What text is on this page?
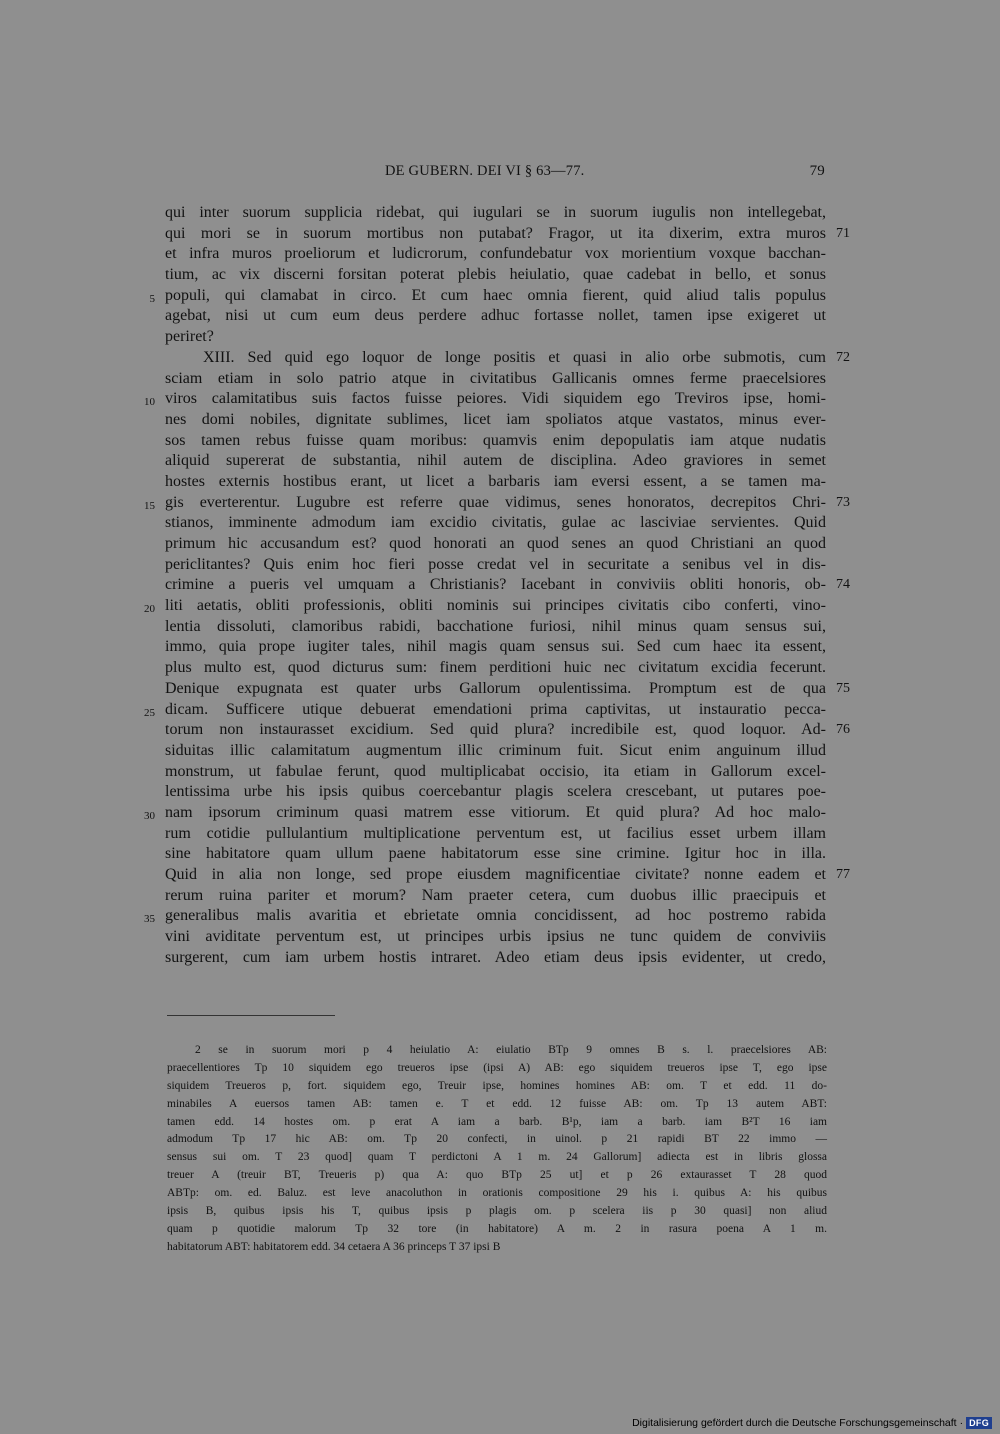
DE GUBERN. DEI VI § 63—77.	79
qui inter suorum supplicia ridebat, qui iugulari se in suorum iugulis non intellegebat,
qui mori se in suorum mortibus non putabat? Fragor, ut ita dixerim, extra muros 71
et infra muros proeliorum et ludicrorum, confundebatur vox morientium voxque bacchan-
tium, ac vix discerni forsitan poterat plebis heiulatio, quae cadebat in bello, et sonus
populi, qui clamabat in circo. Et cum haec omnia fierent, quid aliud talis populus
5
agebat, nisi ut cum eum deus perdere adhuc fortasse nollet, tamen ipse exigeret ut
periret?
XIII. Sed quid ego loquor de longe positis et quasi in alio orbe submotis, cum 72
sciam etiam in solo patrio atque in civitatibus Gallicanis omnes ferme praecelsiores
viros calamitatibus suis factos fuisse peiores. Vidi siquidem ego Treviros ipse, homi-
10
nes domi nobiles, dignitate sublimes, licet iam spoliatos atque vastatos, minus ever-
sos tamen rebus fuisse quam moribus: quamvis enim depopulatis iam atque nudatis
aliquid supererat de substantia, nihil autem de disciplina. Adeo graviores in semet
hostes externis hostibus erant, ut licet a barbaris iam eversi essent, a se tamen ma-
gis everterentur. Lugubre est referre quae vidimus, senes honoratos, decrepitos Chri-
15	73
stianos, imminente admodum iam excidio civitatis, gulae ac lasciviae servientes. Quid
primum hic accusandum est? quod honorati an quod senes an quod Christiani an quod
periclitantes? Quis enim hoc fieri posse credat vel in securitate a senibus vel in dis-
crimine a pueris vel umquam a Christianis? Iacebant in conviviis obliti honoris, ob- 74
liti aetatis, obliti professionis, obliti nominis sui principes civitatis cibo conferti, vino-
20
lentia dissoluti, clamoribus rabidi, bacchatione furiosi, nihil minus quam sensus sui,
immo, quia prope iugiter tales, nihil magis quam sensus sui. Sed cum haec ita essent,
plus multo est, quod dicturus sum: finem perditioni huic nec civitatum excidia fecerunt.
Denique expugnata est quater urbs Gallorum opulentissima. Promptum est de qua 75
dicam. Sufficere utique debuerat emendationi prima captivitas, ut instauratio pecca-
25
torum non instaurasset excidium. Sed quid plura? incredibile est, quod loquor. Ad- 76
siduitas illic calamitatum augmentum illic criminum fuit. Sicut enim anguinum illud
monstrum, ut fabulae ferunt, quod multiplicabat occisio, ita etiam in Gallorum excel-
lentissima urbe his ipsis quibus coercebantur plagis scelera crescebant, ut putares poe-
nam ipsorum criminum quasi matrem esse vitiorum. Et quid plura? Ad hoc malo-
30
rum cotidie pullulantium multiplicatione perventum est, ut facilius esset urbem illam
sine habitatore quam ullum paene habitatorum esse sine crimine. Igitur hoc in illa.
Quid in alia non longe, sed prope eiusdem magnificentiae civitate? nonne eadem et 77
rerum ruina pariter et morum? Nam praeter cetera, cum duobus illic praecipuis et
generalibus malis avaritia et ebrietate omnia concidissent, ad hoc postremo rabida
35
vini aviditate perventum est, ut principes urbis ipsius ne tunc quidem de conviviis
surgerent, cum iam urbem hostis intraret. Adeo etiam deus ipsis evidenter, ut credo,
2 se in suorum mori p 4 heiulatio A: eiulatio BTp 9 omnes B s. l. praecelsiores AB:
praecellentiores Tp 10 siquidem ego treueros ipse (ipsi A) AB: ego siquidem treueros ipse T, ego ipse
siquidem Treueros p, fort. siquidem ego, Treuir ipse, homines homines AB: om. T et edd. 11 do-
minabiles A euersos tamen AB: tamen e. T et edd. 12 fuisse AB: om. Tp 13 autem ABT:
tamen edd. 14 hostes om. p erat A iam a barb. B¹p, iam a barb. iam B²T 16 iam
admodum Tp 17 hic AB: om. Tp 20 confecti, in uinol. p 21 rapidi BT 22 immo —
sensus sui om. T 23 quod] quam T perdictoni A 1 m. 24 Gallorum] adiecta est in libris glossa
treuer A (treuir BT, Treueris p) qua A: quo BTp 25 ut] et p 26 extaurasset T 28 quod
ABTp: om. ed. Baluz. est leve anacoluthon in orationis compositione 29 his i. quibus A: his quibus
ipsis B, quibus ipsis his T, quibus ipsis p plagis om. p scelera iis p 30 quasi] non aliud
quam p quotidie malorum Tp 32 tore (in habitatore) A m. 2 in rasura poena A 1 m.
habitatorum ABT: habitatorem edd. 34 cetaera A 36 princeps T 37 ipsi B
Digitalisierung gefördert durch die Deutsche Forschungsgemeinschaft · DFG
